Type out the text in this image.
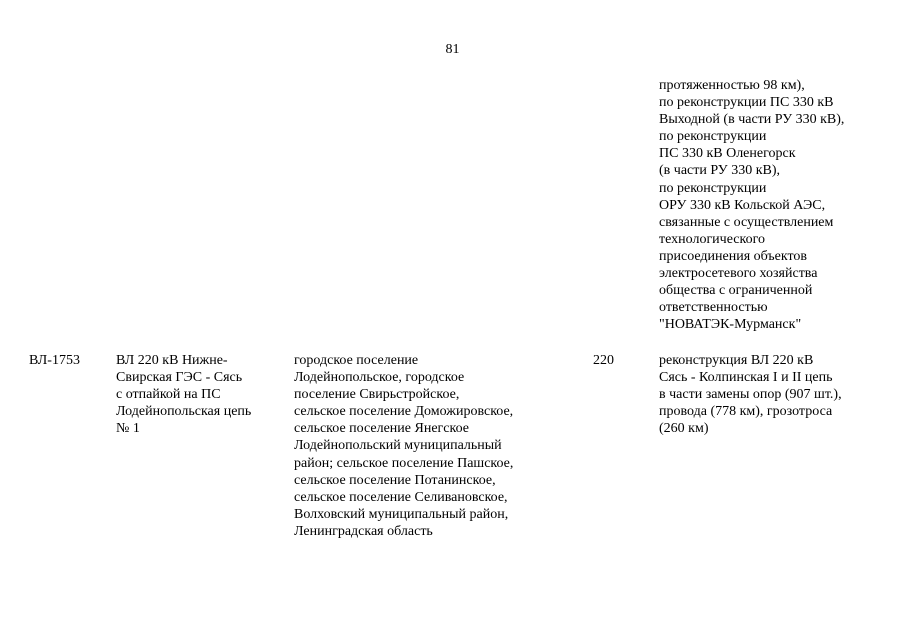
81

протяженностью 98 км),
по реконструкции ПС 330 кВ
Выходной (в части РУ 330 кВ),
по реконструкции
ПС 330 кВ Оленегорск
(в части РУ 330 кВ),
по реконструкции
ОРУ 330 кВ Кольской АЭС,
связанные с осуществлением
технологического
присоединения объектов
электросетевого хозяйства
общества с ограниченной
ответственностью
"НОВАТЭК-Мурманск"

ВЛ-1753	ВЛ 220 кВ Нижне-
Свирская ГЭС - Сясь
с отпайкой на ПС
Лодейнопольская цепь
№ 1

городское поселение
Лодейнопольское, городское
поселение Свирьстройское,
сельское поселение Доможировское,
сельское поселение Янегское
Лодейнопольский муниципальный
район; сельское поселение Пашское,
сельское поселение Потанинское,
сельское поселение Селивановское,
Волховский муниципальный район,
Ленинградская область

220	реконструкция ВЛ 220 кВ
Сясь - Колпинская I и II цепь
в части замены опор (907 шт.),
провода (778 км), грозотроса
(260 км)
